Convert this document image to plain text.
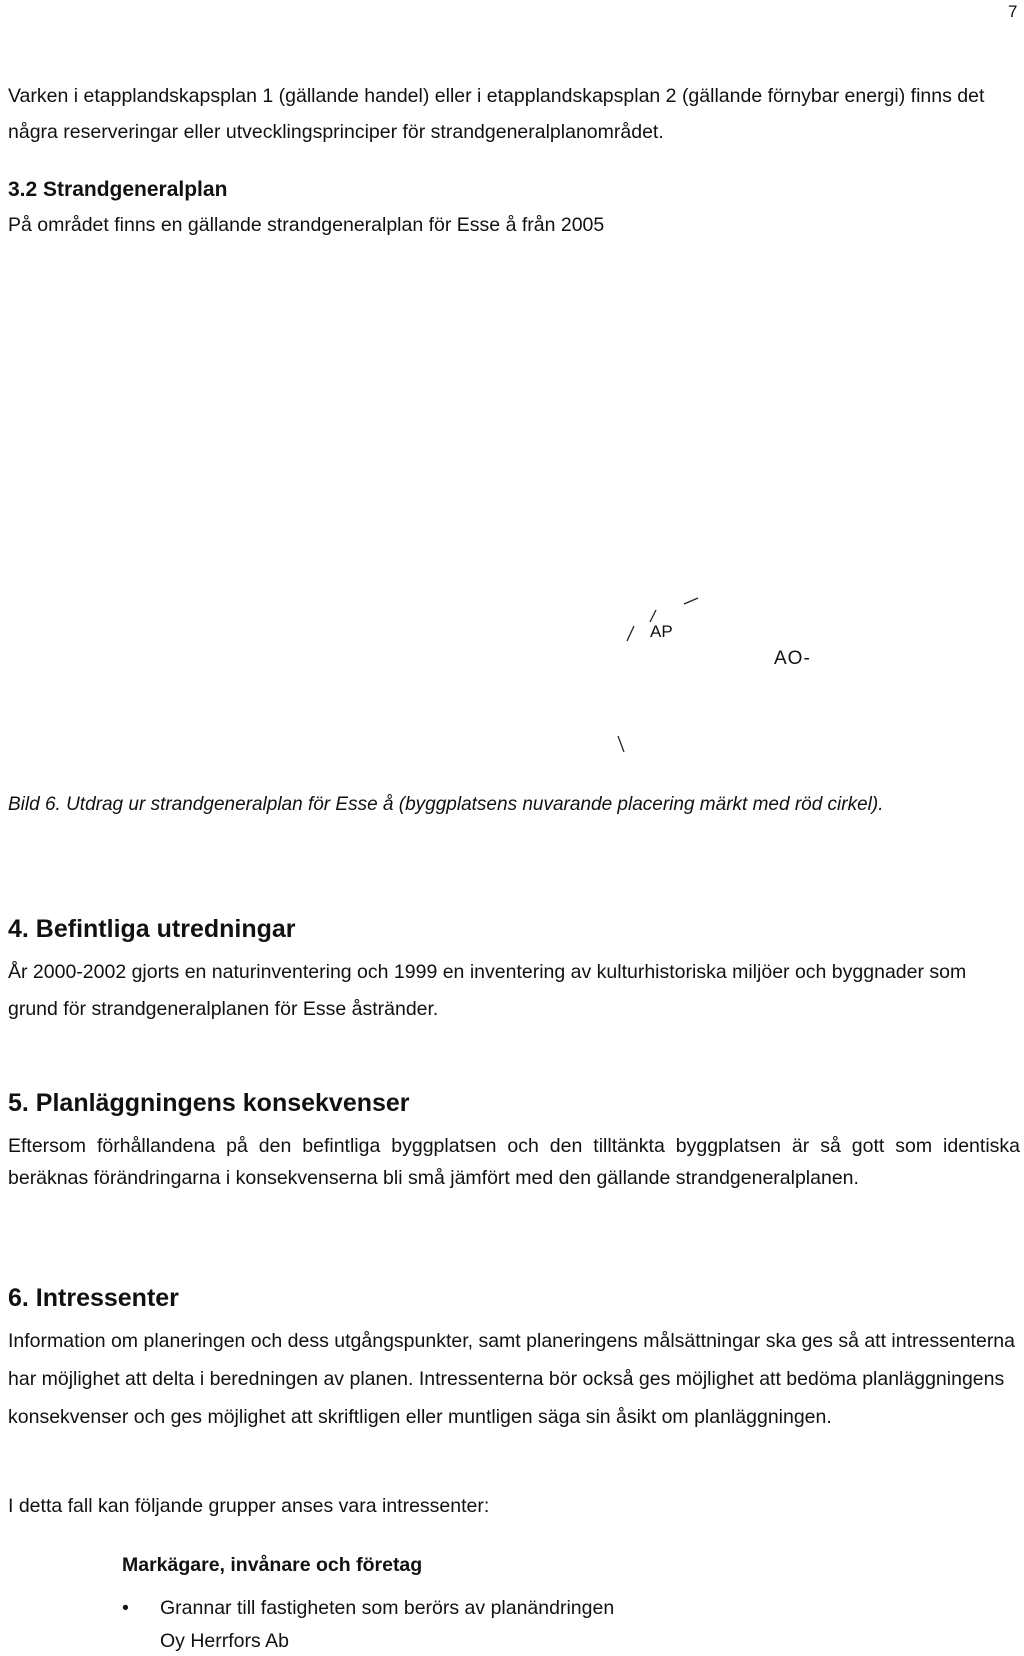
7

Varken i etapplandskapsplan 1 (gällande handel) eller i etapplandskapsplan 2 (gällande förnybar energi) finns det några reserveringar eller utvecklingsprinciper för strandgeneralplanområdet.

3.2 Strandgeneralplan

På området finns en gällande strandgeneralplan för Esse å från 2005

AP
AO-

Bild 6. Utdrag ur strandgeneralplan för Esse å (byggplatsens nuvarande placering märkt med röd cirkel).

4. Befintliga utredningar

År 2000-2002 gjorts en naturinventering och 1999 en inventering av kulturhistoriska miljöer och byggnader som grund för strandgeneralplanen för Esse åstränder.

5. Planläggningens konsekvenser

Eftersom förhållandena på den befintliga byggplatsen och den tilltänkta byggplatsen är så gott som identiska beräknas förändringarna i konsekvenserna bli små jämfört med den gällande strandgeneralplanen.

6. Intressenter

Information om planeringen och dess utgångspunkter, samt planeringens målsättningar ska ges så att intressenterna har möjlighet att delta i beredningen av planen. Intressenterna bör också ges möjlighet att bedöma planläggningens konsekvenser och ges möjlighet att skriftligen eller muntligen säga sin åsikt om planläggningen.

I detta fall kan följande grupper anses vara intressenter:

Markägare, invånare och företag
• Grannar till fastigheten som berörs av planändringen

Oy Herrfors Ab
